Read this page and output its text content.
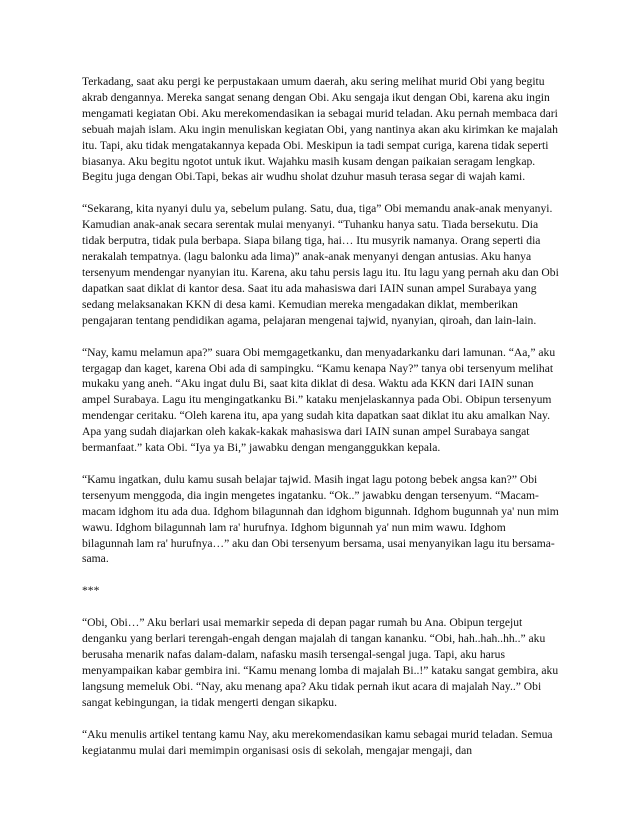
Terkadang, saat aku pergi ke perpustakaan umum daerah, aku sering melihat murid Obi yang begitu akrab dengannya. Mereka sangat senang dengan Obi. Aku sengaja ikut dengan Obi, karena aku ingin mengamati kegiatan Obi. Aku merekomendasikan ia sebagai murid teladan. Aku pernah membaca dari sebuah majah islam. Aku ingin menuliskan kegiatan Obi, yang nantinya akan aku kirimkan ke majalah itu. Tapi, aku tidak mengatakannya kepada Obi. Meskipun ia tadi sempat curiga, karena tidak seperti biasanya. Aku begitu ngotot untuk ikut. Wajahku masih kusam dengan paikaian seragam lengkap. Begitu juga dengan Obi.Tapi, bekas air wudhu sholat dzuhur masuh terasa segar di wajah kami.

“Sekarang, kita nyanyi dulu ya, sebelum pulang. Satu, dua, tiga” Obi memandu anak-anak menyanyi. Kamudian anak-anak secara serentak mulai menyanyi. “Tuhanku hanya satu. Tiada bersekutu. Dia tidak berputra, tidak pula berbapa. Siapa bilang tiga, hai… Itu musyrik namanya. Orang seperti dia nerakalah tempatnya. (lagu balonku ada lima)” anak-anak menyanyi dengan antusias. Aku hanya tersenyum mendengar nyanyian itu. Karena, aku tahu persis lagu itu. Itu lagu yang pernah aku dan Obi dapatkan saat diklat di kantor desa. Saat itu ada mahasiswa dari IAIN sunan ampel Surabaya yang sedang melaksanakan KKN di desa kami. Kemudian mereka mengadakan diklat, memberikan pengajaran tentang pendidikan agama, pelajaran mengenai tajwid, nyanyian, qiroah, dan lain-lain.

“Nay, kamu melamun apa?” suara Obi memgagetkanku, dan menyadarkanku dari lamunan. “Aa,” aku tergagap dan kaget, karena Obi ada di sampingku. “Kamu kenapa Nay?” tanya obi tersenyum melihat mukaku yang aneh. “Aku ingat dulu Bi, saat kita diklat di desa. Waktu ada KKN dari IAIN sunan ampel Surabaya. Lagu itu mengingatkanku Bi.” kataku menjelaskannya pada Obi. Obipun tersenyum mendengar ceritaku. “Oleh karena itu, apa yang sudah kita dapatkan saat diklat itu aku amalkan Nay. Apa yang sudah diajarkan oleh kakak-kakak mahasiswa dari IAIN sunan ampel Surabaya sangat bermanfaat.” kata Obi. “Iya ya Bi,” jawabku dengan menganggukkan kepala.

“Kamu ingatkan, dulu kamu susah belajar tajwid. Masih ingat lagu potong bebek angsa kan?” Obi tersenyum menggoda, dia ingin mengetes ingatanku. “Ok..” jawabku dengan tersenyum. “Macam-macam idghom itu ada dua. Idghom bilagunnah dan idghom bigunnah. Idghom bugunnah ya' nun mim wawu. Idghom bilagunnah lam ra' hurufnya. Idghom bigunnah ya' nun mim wawu. Idghom bilagunnah lam ra' hurufnya…” aku dan Obi tersenyum bersama, usai menyanyikan lagu itu bersama-sama.

***

“Obi, Obi…” Aku berlari usai memarkir sepeda di depan pagar rumah bu Ana. Obipun tergejut denganku yang berlari terengah-engah dengan majalah di tangan kananku. “Obi, hah..hah..hh..” aku berusaha menarik nafas dalam-dalam, nafasku masih tersengal-sengal juga. Tapi, aku harus menyampaikan kabar gembira ini. “Kamu menang lomba di majalah Bi..!” kataku sangat gembira, aku langsung memeluk Obi. “Nay, aku menang apa? Aku tidak pernah ikut acara di majalah Nay..” Obi sangat kebingungan, ia tidak mengerti dengan sikapku.

“Aku menulis artikel tentang kamu Nay, aku merekomendasikan kamu sebagai murid teladan. Semua kegiatanmu mulai dari memimpin organisasi osis di sekolah, mengajar mengaji, dan
